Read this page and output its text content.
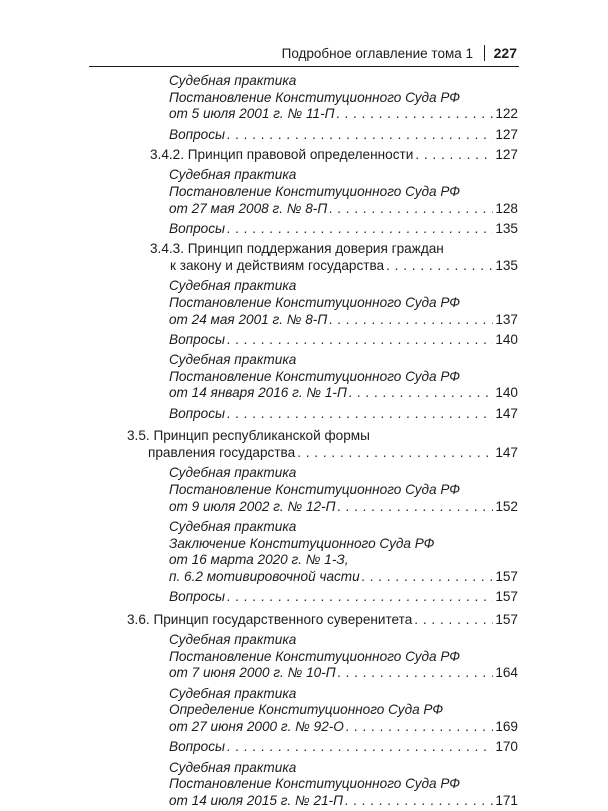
Подробное оглавление тома 1 227
Судебная практика
Постановление Конституционного Суда РФ
от 5 июля 2001 г. № 11-П . . .	122
Вопросы . . .	127
3.4.2. Принцип правовой определенности . . .	127
Судебная практика
Постановление Конституционного Суда РФ
от 27 мая 2008 г. № 8-П . . .	128
Вопросы . . .	135
3.4.3. Принцип поддержания доверия граждан
к закону и действиям государства . . .	135
Судебная практика
Постановление Конституционного Суда РФ
от 24 мая 2001 г. № 8-П . . .	137
Вопросы . . .	140
Судебная практика
Постановление Конституционного Суда РФ
от 14 января 2016 г. № 1-П . . .	140
Вопросы . . .	147
3.5. Принцип республиканской формы
правления государства . . .	147
Судебная практика
Постановление Конституционного Суда РФ
от 9 июля 2002 г. № 12-П . . .	152
Судебная практика
Заключение Конституционного Суда РФ
от 16 марта 2020 г. № 1-З,
п. 6.2 мотивировочной части . . .	157
Вопросы . . .	157
3.6. Принцип государственного суверенитета . . .	157
Судебная практика
Постановление Конституционного Суда РФ
от 7 июня 2000 г. № 10-П . . .	164
Судебная практика
Определение Конституционного Суда РФ
от 27 июня 2000 г. № 92-О . . .	169
Вопросы . . .	170
Судебная практика
Постановление Конституционного Суда РФ
от 14 июля 2015 г. № 21-П . . .	171
